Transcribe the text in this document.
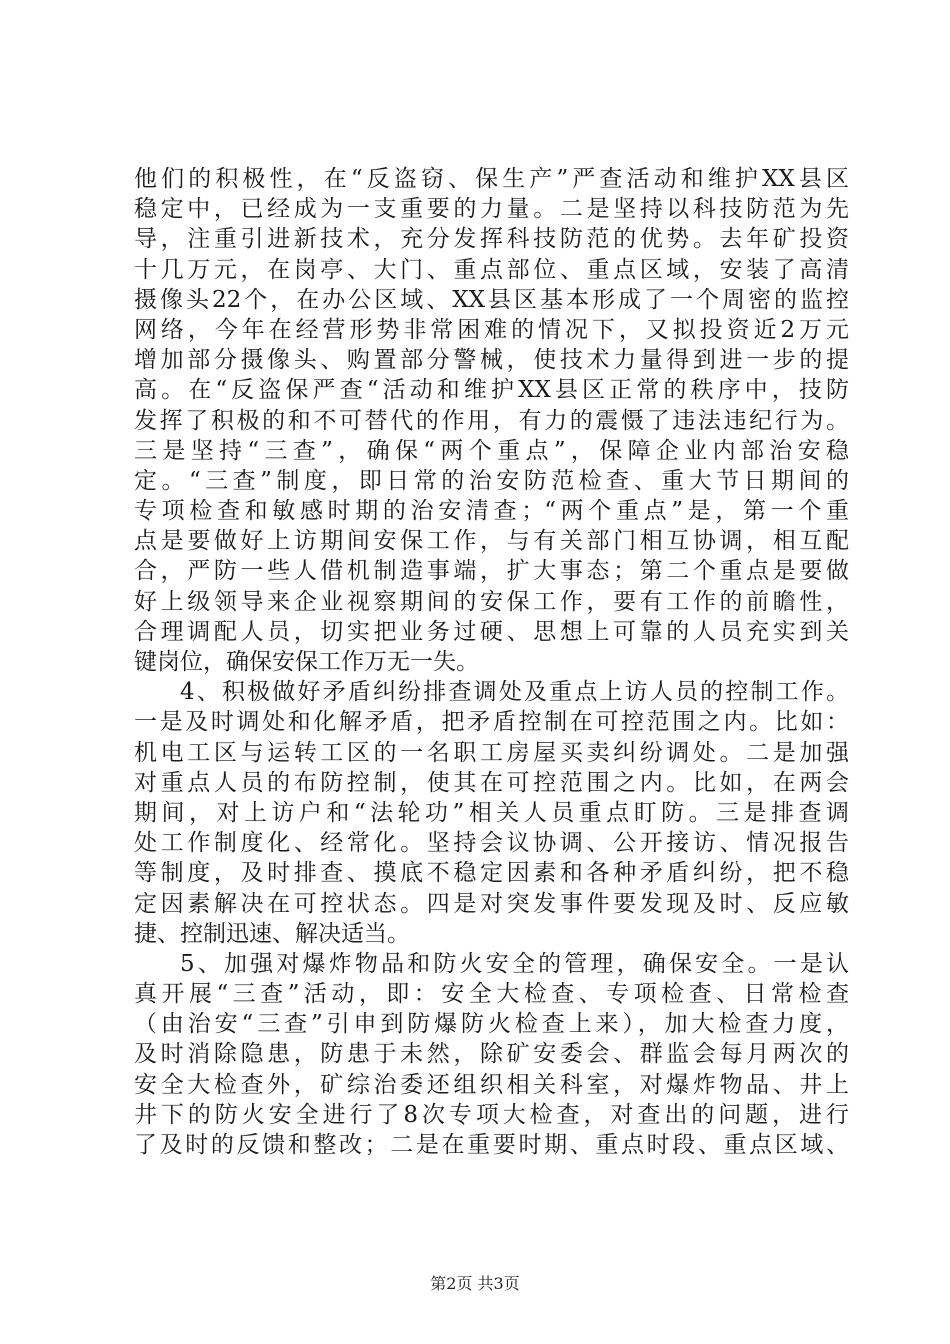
他们的积极性，在“反盗窃、保生产”严查活动和维护XX县区
稳定中，已经成为一支重要的力量。二是坚持以科技防范为先
导，注重引进新技术，充分发挥科技防范的优势。去年矿投资
十几万元，在岗亭、大门、重点部位、重点区域，安装了高清
摄像头22个，在办公区域、XX县区基本形成了一个周密的监控
网络，今年在经营形势非常困难的情况下，又拟投资近2万元
增加部分摄像头、购置部分警械，使技术力量得到进一步的提
高。在“反盗保严查“活动和维护XX县区正常的秩序中，技防
发挥了积极的和不可替代的作用，有力的震慑了违法违纪行为。
三是坚持“三查”，确保“两个重点”，保障企业内部治安稳
定。“三查”制度，即日常的治安防范检查、重大节日期间的
专项检查和敏感时期的治安清查；“两个重点”是，第一个重
点是要做好上访期间安保工作，与有关部门相互协调，相互配
合，严防一些人借机制造事端，扩大事态；第二个重点是要做
好上级领导来企业视察期间的安保工作，要有工作的前瞻性，
合理调配人员，切实把业务过硬、思想上可靠的人员充实到关
键岗位，确保安保工作万无一失。
4、积极做好矛盾纠纷排查调处及重点上访人员的控制工作。
一是及时调处和化解矛盾，把矛盾控制在可控范围之内。比如：
机电工区与运转工区的一名职工房屋买卖纠纷调处。二是加强
对重点人员的布防控制，使其在可控范围之内。比如，在两会
期间，对上访户和“法轮功”相关人员重点盯防。三是排查调
处工作制度化、经常化。坚持会议协调、公开接访、情况报告
等制度，及时排查、摸底不稳定因素和各种矛盾纠纷，把不稳
定因素解决在可控状态。四是对突发事件要发现及时、反应敏
捷、控制迅速、解决适当。
5、加强对爆炸物品和防火安全的管理，确保安全。一是认
真开展“三查”活动，即：安全大检查、专项检查、日常检查
（由治安“三查”引申到防爆防火检查上来），加大检查力度，
及时消除隐患，防患于未然，除矿安委会、群监会每月两次的
安全大检查外，矿综治委还组织相关科室，对爆炸物品、井上
井下的防火安全进行了8次专项大检查，对查出的问题，进行
了及时的反馈和整改；二是在重要时期、重点时段、重点区域、
第2页 共3页
